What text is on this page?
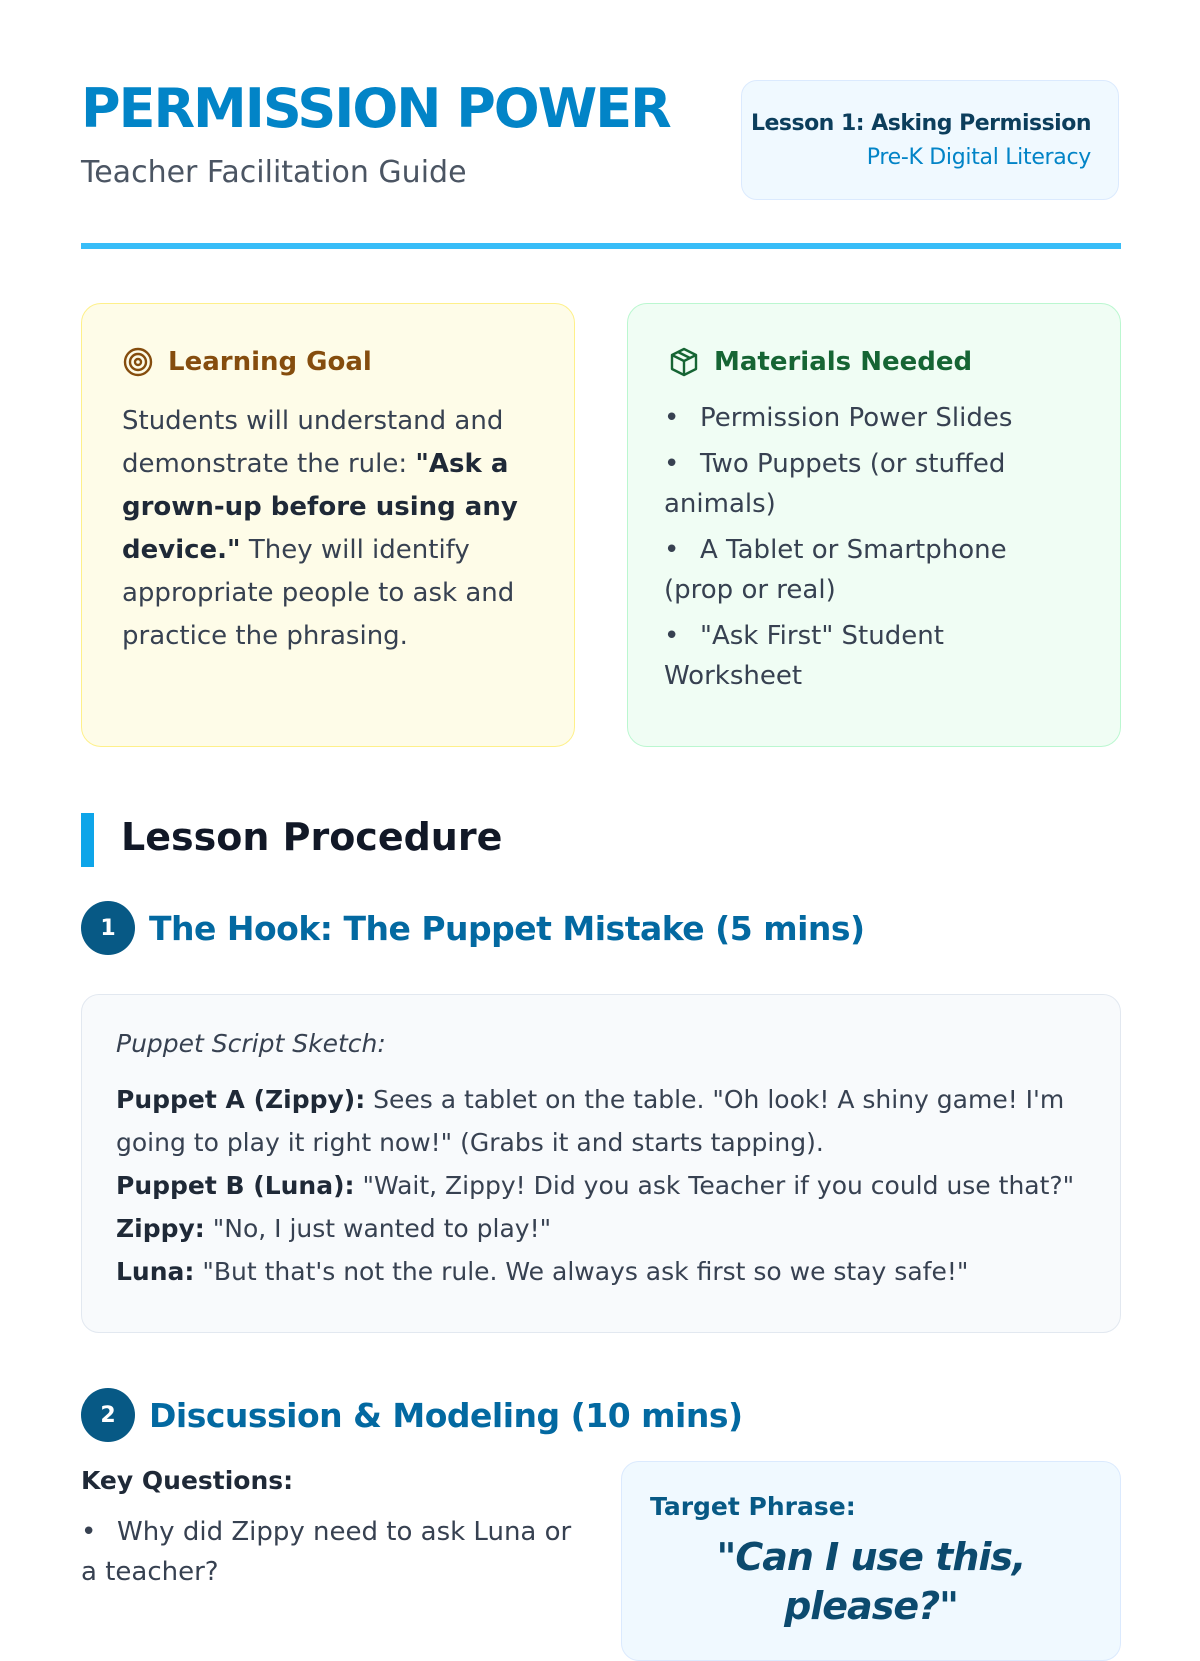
PERMISSION POWER
Teacher Facilitation Guide
Lesson 1: Asking Permission
Pre-K Digital Literacy
Learning Goal
Students will understand and demonstrate the rule: "Ask a grown-up before using any device." They will identify appropriate people to ask and practice the phrasing.
Materials Needed
• Permission Power Slides
• Two Puppets (or stuffed animals)
• A Tablet or Smartphone (prop or real)
• "Ask First" Student Worksheet
Lesson Procedure
1	The Hook: The Puppet Mistake (5 mins)
Puppet Script Sketch:
Puppet A (Zippy): Sees a tablet on the table. "Oh look! A shiny game! I'm going to play it right now!" (Grabs it and starts tapping).
Puppet B (Luna): "Wait, Zippy! Did you ask Teacher if you could use that?"
Zippy: "No, I just wanted to play!"
Luna: "But that's not the rule. We always ask first so we stay safe!"
2	Discussion & Modeling (10 mins)
Key Questions:
• Why did Zippy need to ask Luna or a teacher?
Target Phrase:
"Can I use this, please?"
